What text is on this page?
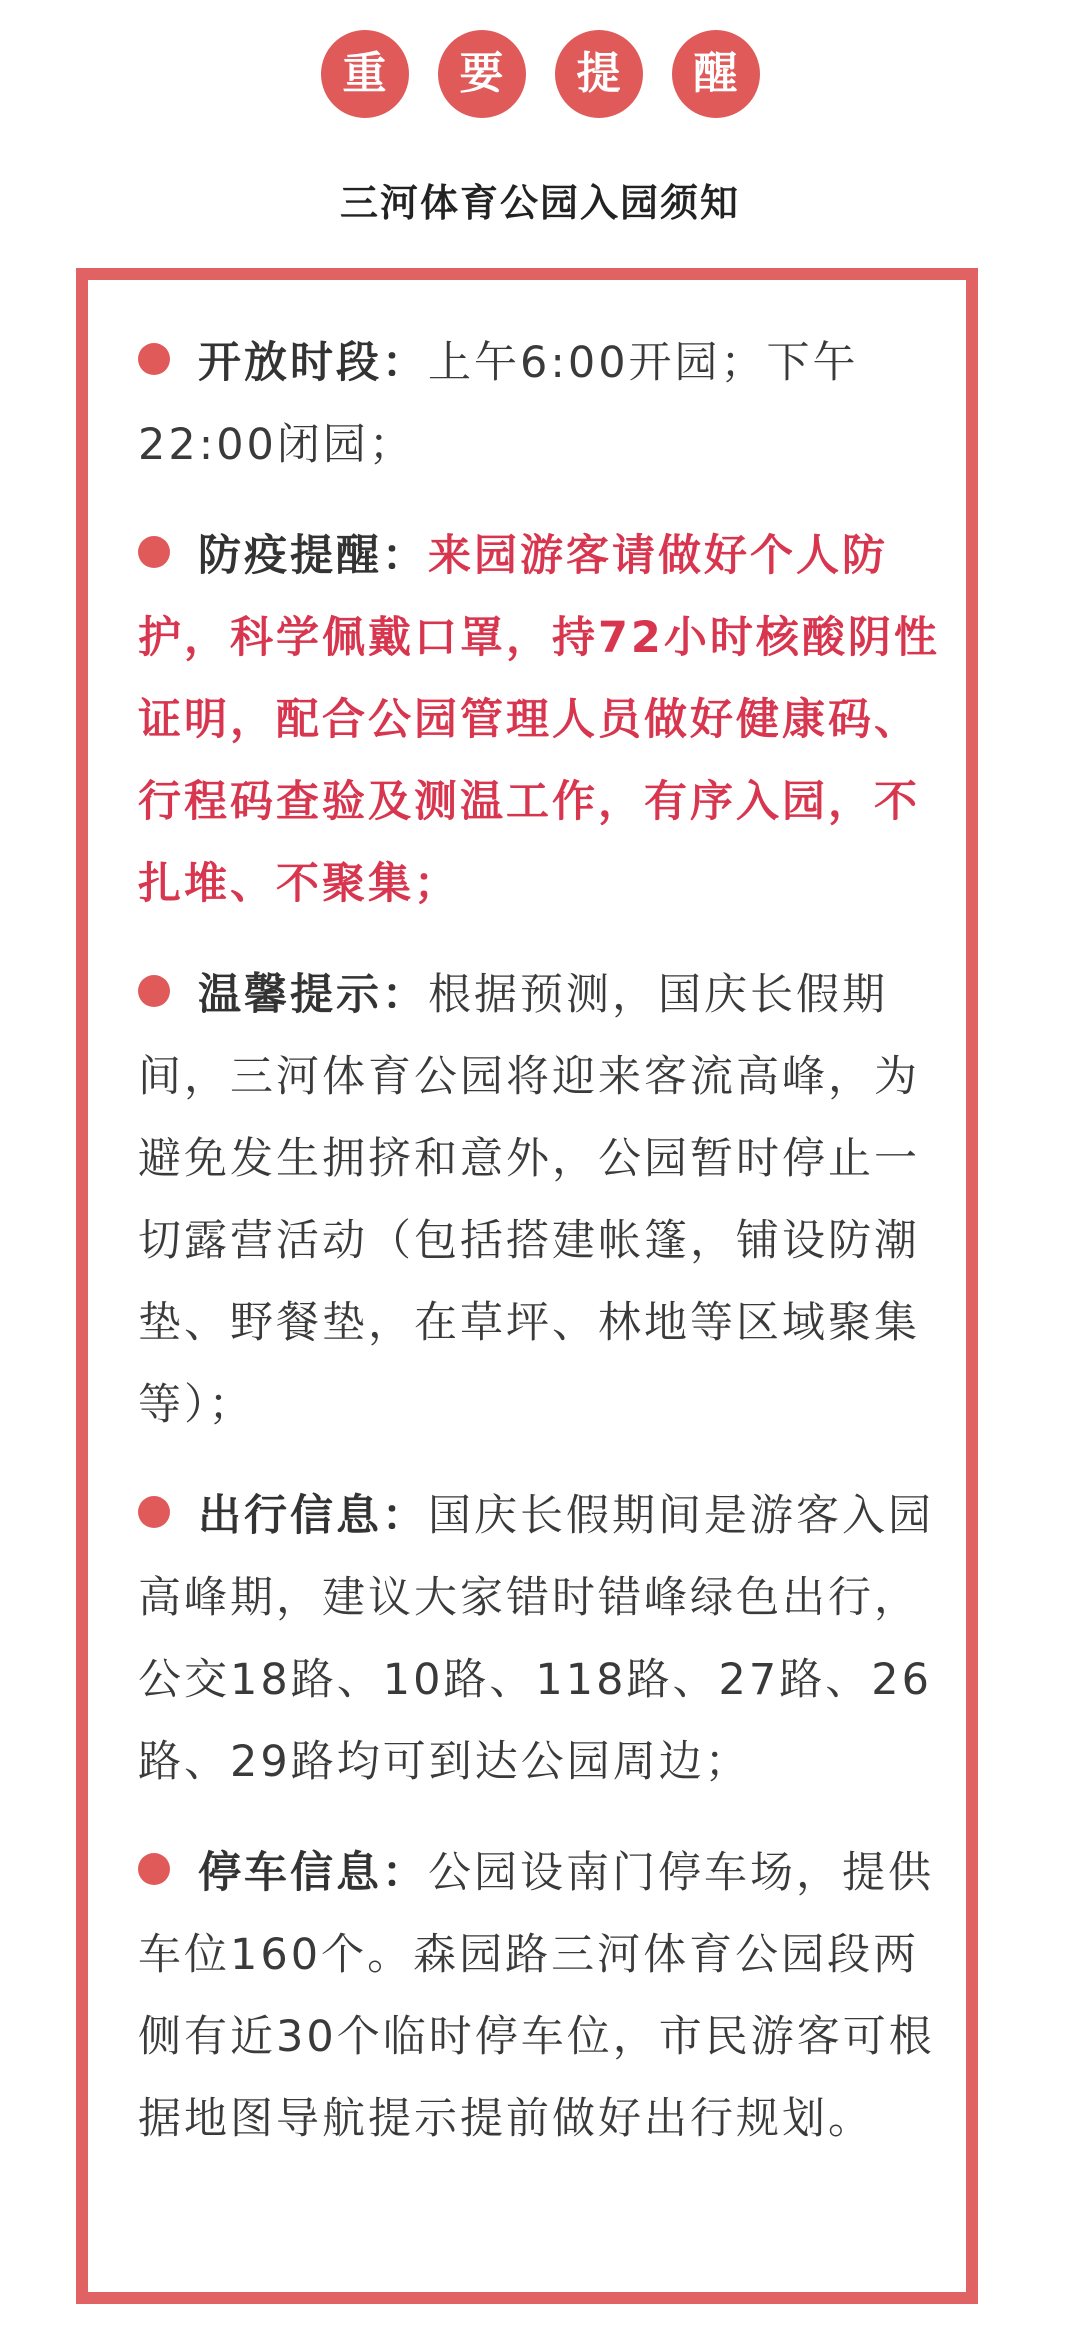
重	要	提	醒
三河体育公园入园须知
开放时段：上午6:00开园；下午22:00闭园；
防疫提醒：来园游客请做好个人防护，科学佩戴口罩，持72小时核酸阴性证明，配合公园管理人员做好健康码、行程码查验及测温工作，有序入园，不扎堆、不聚集；
温馨提示：根据预测，国庆长假期间，三河体育公园将迎来客流高峰，为避免发生拥挤和意外，公园暂时停止一切露营活动（包括搭建帐篷，铺设防潮垫、野餐垫，在草坪、林地等区域聚集等）；
出行信息：国庆长假期间是游客入园高峰期，建议大家错时错峰绿色出行，公交18路、10路、118路、27路、26路、29路均可到达公园周边；
停车信息：公园设南门停车场，提供车位160个。森园路三河体育公园段两侧有近30个临时停车位，市民游客可根据地图导航提示提前做好出行规划。
